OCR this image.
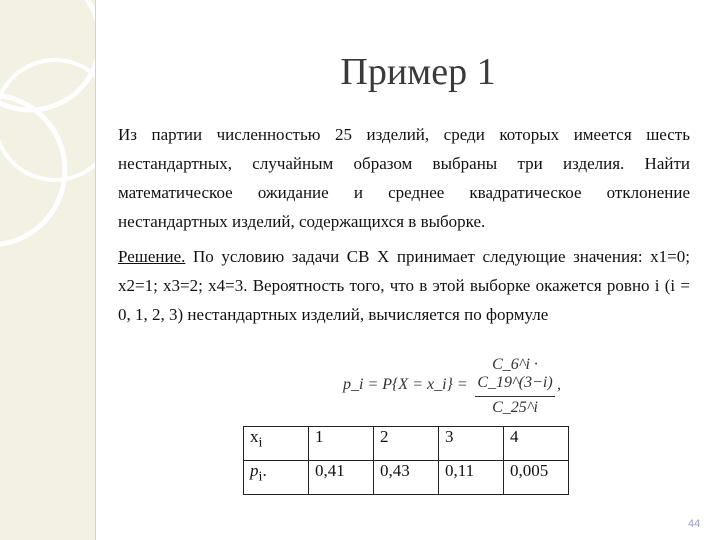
Пример 1

Из партии численностью 25 изделий, среди которых имеется шесть нестандартных, случайным образом выбраны три изделия. Найти математическое ожидание и среднее квадратическое отклонение нестандартных изделий, содержащихся в выборке.

Решение. По условию задачи СВ Х принимает следующие значения: x1=0; x2=1; x3=2; x4=3. Вероятность того, что в этой выборке окажется ровно i (i = 0, 1, 2, 3) нестандартных изделий, вычисляется по формуле

p_i = P{X = x_i} =
C_6^i · C_19^(3−i)
C_25^i
,
$x_i$	1	2	3	4
$p_i$.	0,41	0,43	0,11	0,005
44
